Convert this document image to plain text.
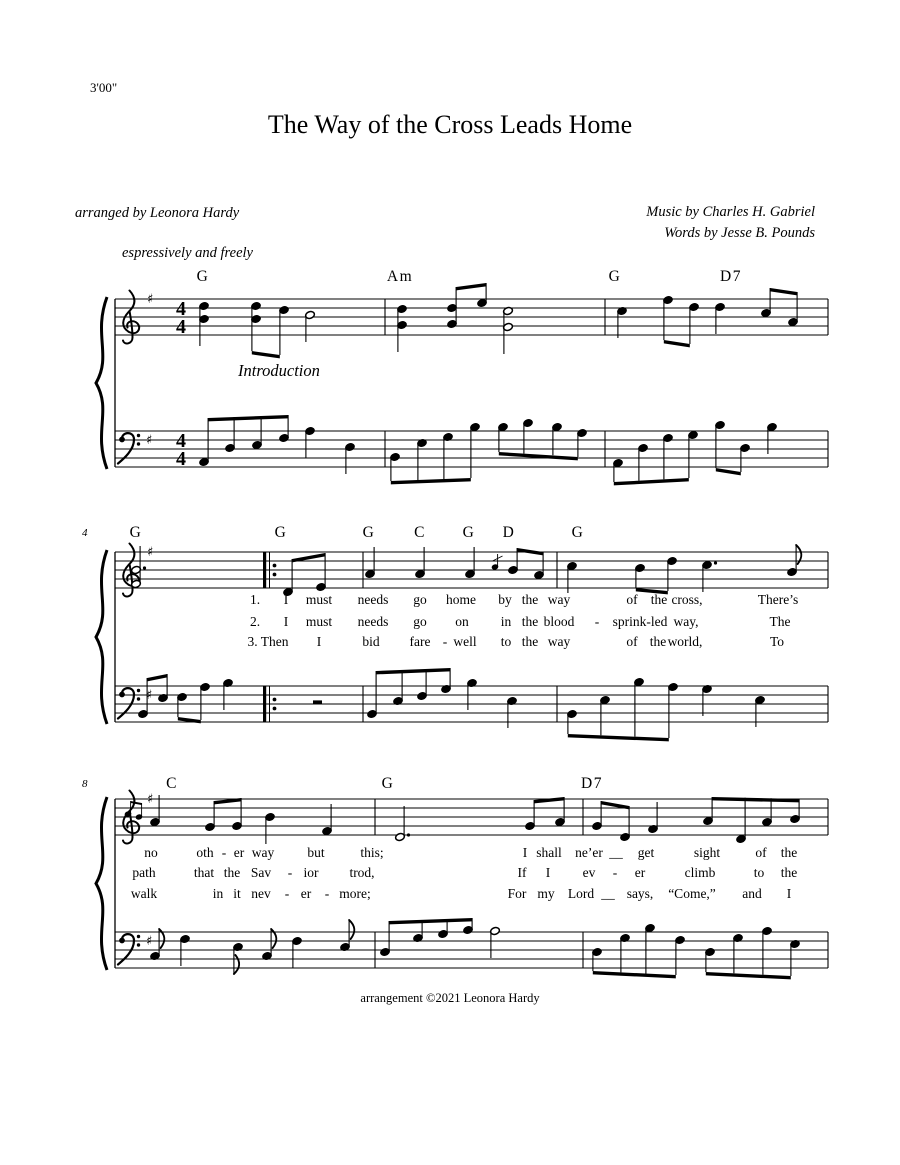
3'00"
The Way of the Cross Leads Home
arranged by Leonora Hardy	Music by Charles H. Gabriel
Words by Jesse B. Pounds
espressively and freely
Introduction
♯
♯
4
4
4
4
♯
♯
♯
♯
G	Am	G	D7
4	G	G	G C G D	G
1. I must needs go home by the way	of the cross,	There’s
2. I must needs go on in the blood - sprink-led way,	The
3. Then I	bid fare - well to the way	of the world,	To
8	C	G	D7
no	oth - er way but	this;	I shall ne’er __ get	sight	of the
path	that the Sav - ior trod,	If I ev - er	climb	to the
walk	in it nev - er - more;	For my Lord __ says, “Come,” and I
arrangement ©2021 Leonora Hardy
